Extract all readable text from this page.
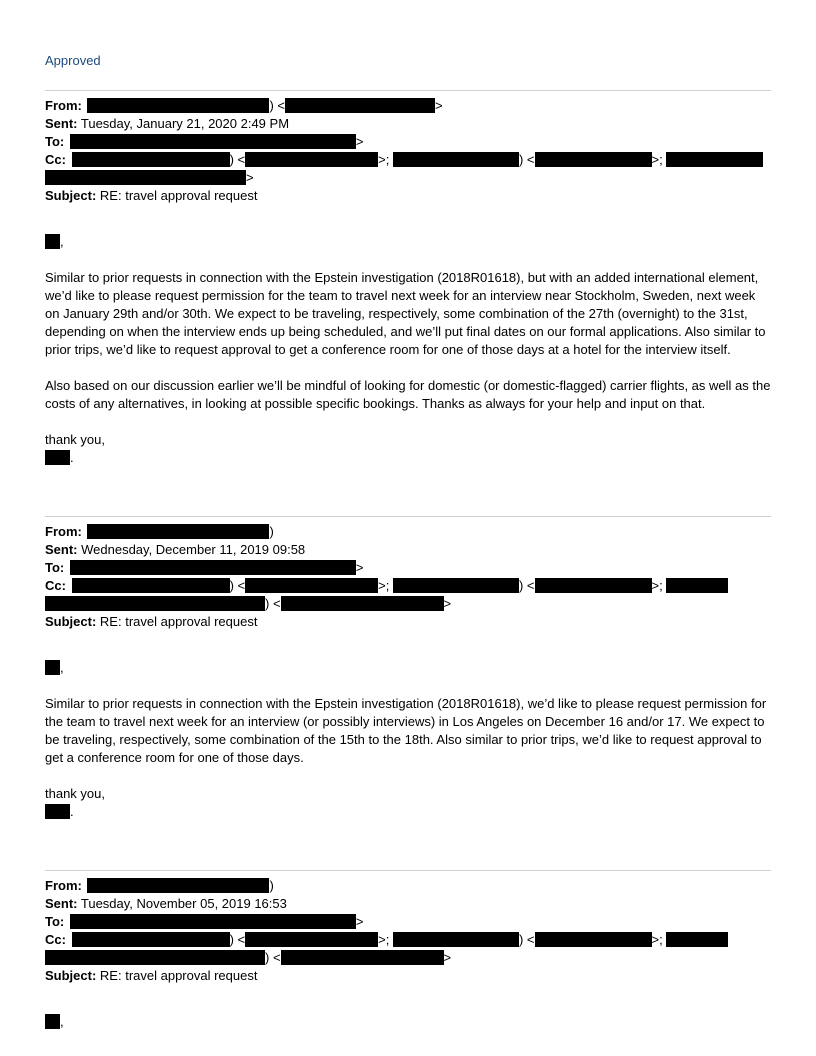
Approved
From:	) <	>
Sent: Tuesday, January 21, 2020 2:49 PM
To:	>
Cc:	) <	>;	) <	>;
>
Subject: RE: travel approval request
,

Similar to prior requests in connection with the Epstein investigation (2018R01618), but with an added international element, we’d like to please request permission for the team to travel next week for an interview near Stockholm, Sweden, next week on January 29th and/or 30th. We expect to be traveling, respectively, some combination of the 27th (overnight) to the 31st, depending on when the interview ends up being scheduled, and we’ll put final dates on our formal applications. Also similar to prior trips, we’d like to request approval to get a conference room for one of those days at a hotel for the interview itself.

Also based on our discussion earlier we’ll be mindful of looking for domestic (or domestic-flagged) carrier flights, as well as the costs of any alternatives, in looking at possible specific bookings. Thanks as always for your help and input on that.

thank you,
.
From:	)
Sent: Wednesday, December 11, 2019 09:58
To:	>
Cc:	) <	>;	) <	>;
) <	>
Subject: RE: travel approval request
,

Similar to prior requests in connection with the Epstein investigation (2018R01618), we’d like to please request permission for the team to travel next week for an interview (or possibly interviews) in Los Angeles on December 16 and/or 17. We expect to be traveling, respectively, some combination of the 15th to the 18th. Also similar to prior trips, we’d like to request approval to get a conference room for one of those days.

thank you,
.
From:	)
Sent: Tuesday, November 05, 2019 16:53
To:	>
Cc:	) <	>;	) <	>;
) <	>
Subject: RE: travel approval request
,
